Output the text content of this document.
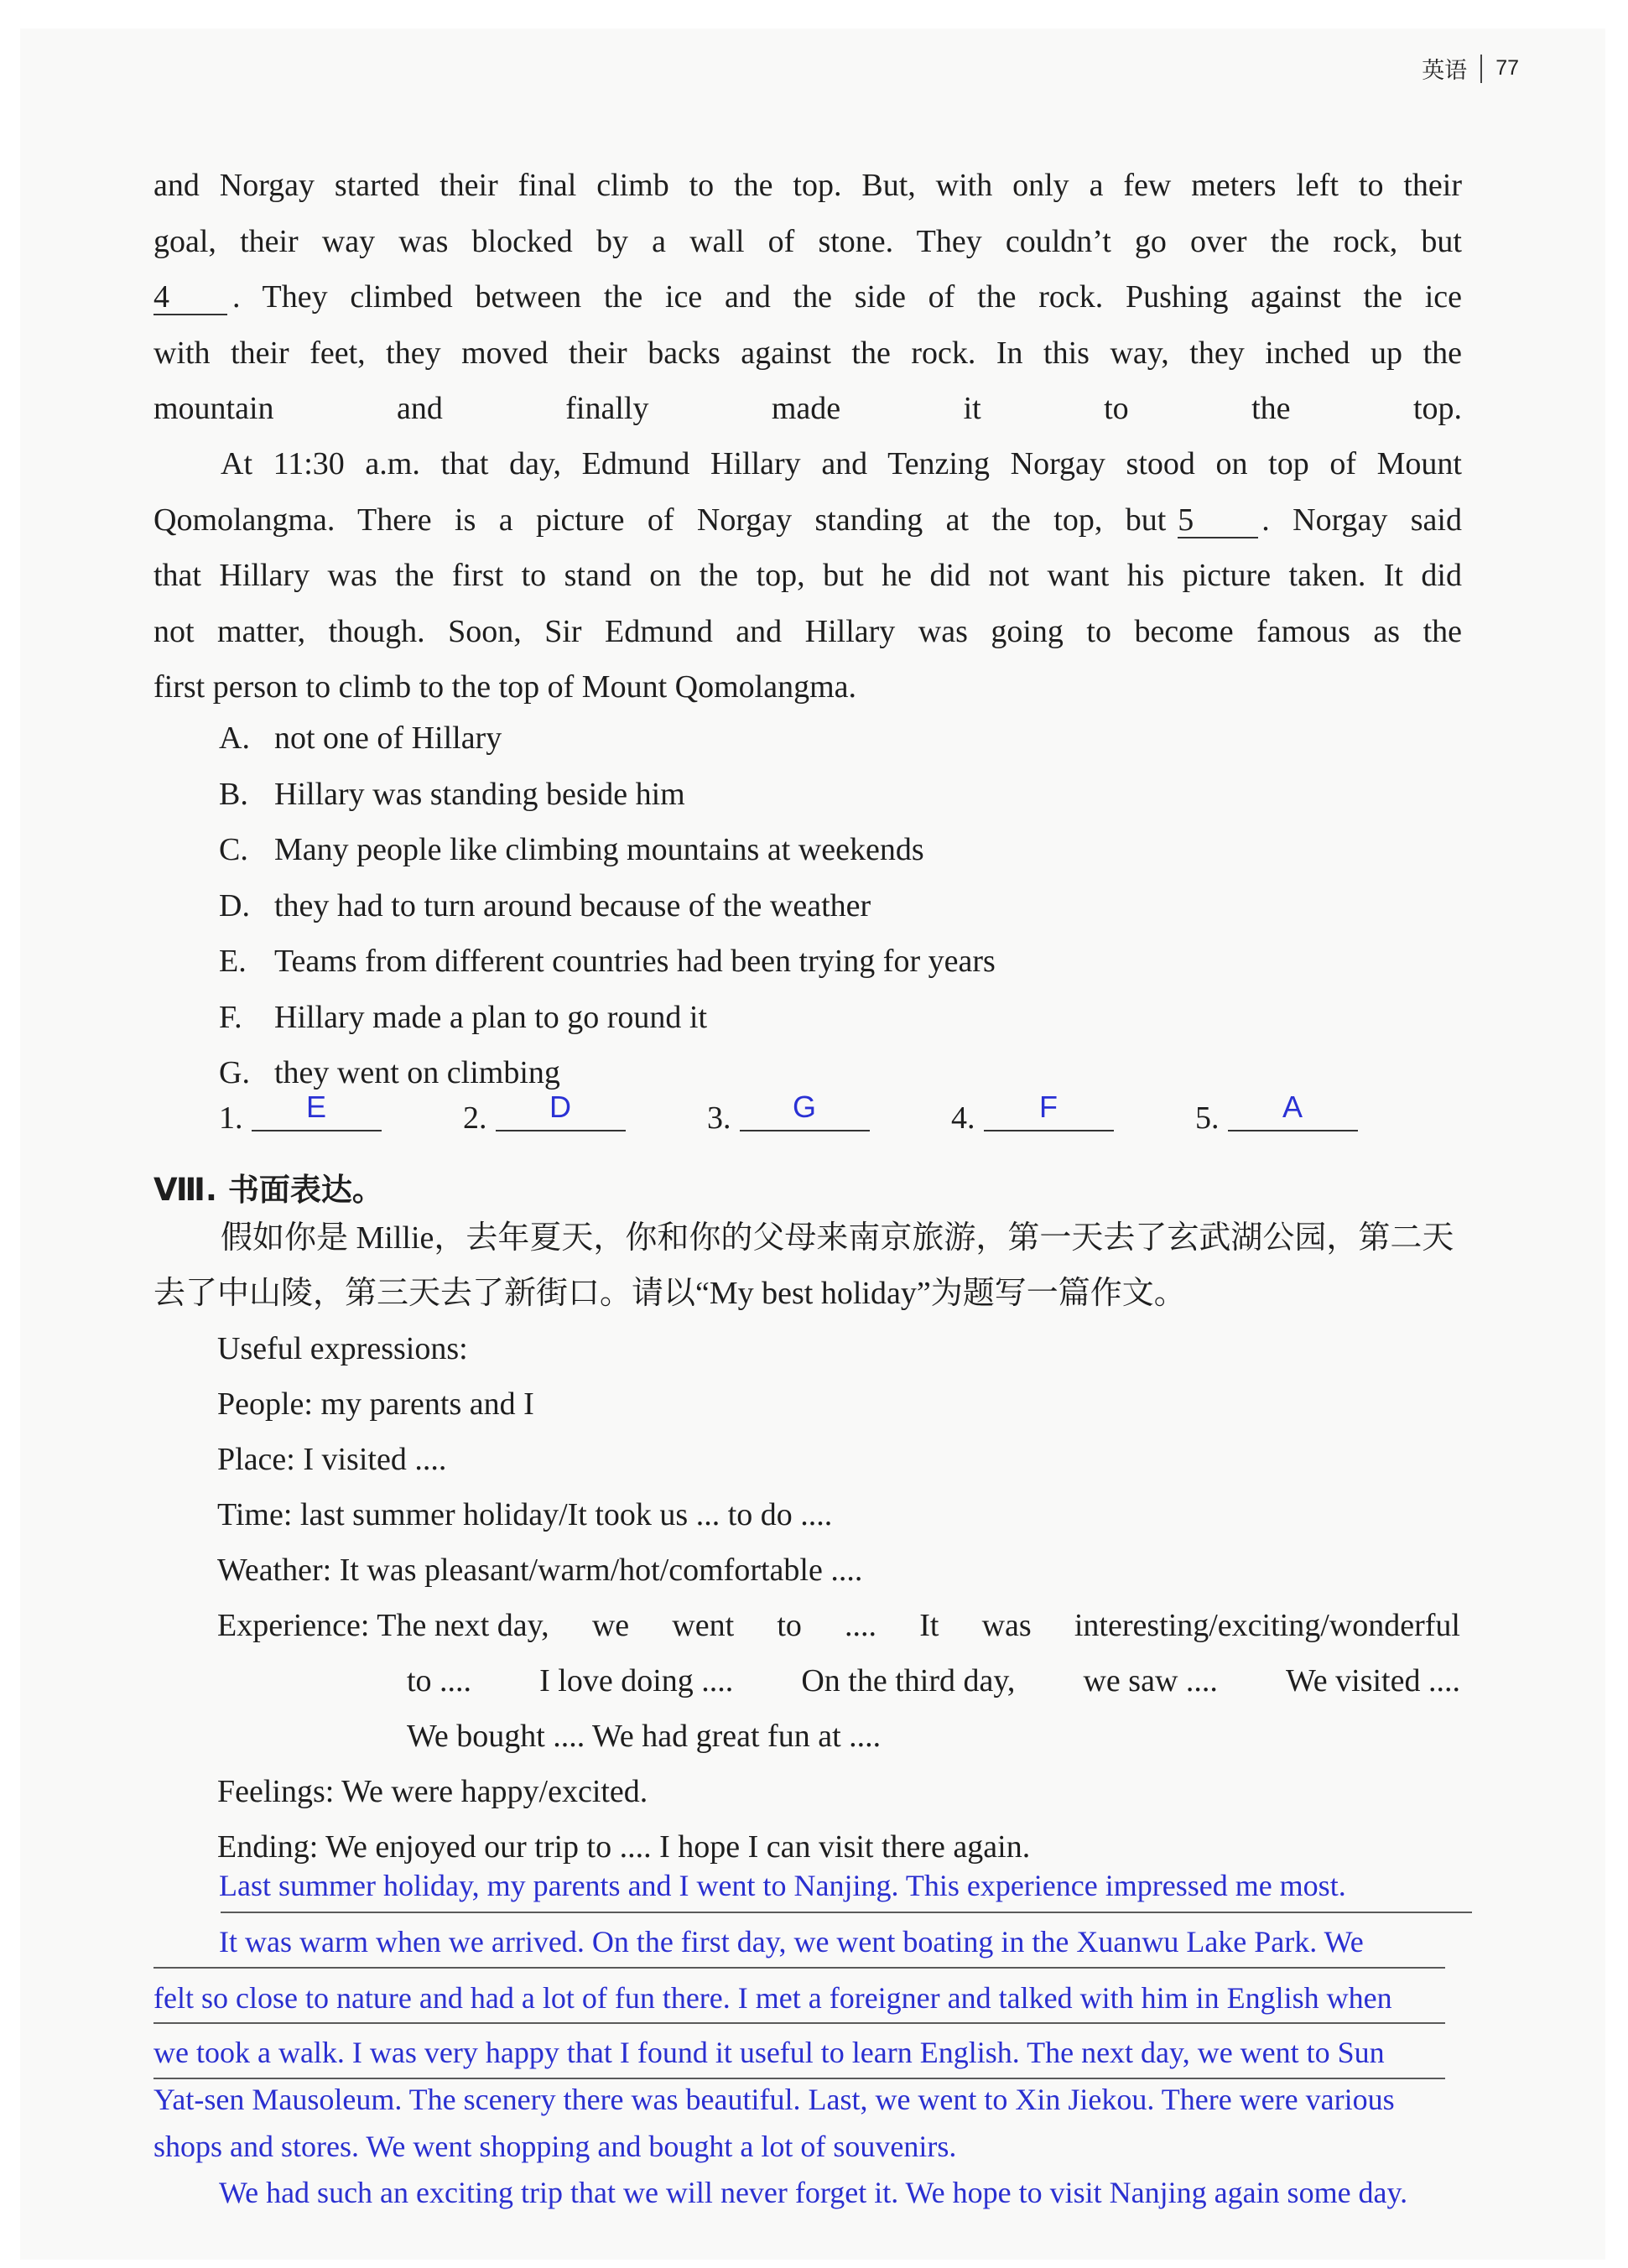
英语 77
and Norgay started their final climb to the top. But, with only a few meters left to their
goal, their way was blocked by a wall of stone. They couldn’t go over the rock, but
4 . They climbed between the ice and the side of the rock. Pushing against the ice
with their feet, they moved their backs against the rock. In this way, they inched up the
mountain and finally made it to the top.
At 11:30 a.m. that day, Edmund Hillary and Tenzing Norgay stood on top of Mount
Qomolangma. There is a picture of Norgay standing at the top, but 5 . Norgay said
that Hillary was the first to stand on the top, but he did not want his picture taken. It did
not matter, though. Soon, Sir Edmund and Hillary was going to become famous as the
first person to climb to the top of Mount Qomolangma.
A. not one of Hillary
B. Hillary was standing beside him
C. Many people like climbing mountains at weekends
D. they had to turn around because of the weather
E. Teams from different countries had been trying for years
F. Hillary made a plan to go round it
G. they went on climbing
1.	E	2.	D	3.	G	4.	F	5.	A
Ⅷ. 书面表达。
假如你是 Millie，去年夏天，你和你的父母来南京旅游，第一天去了玄武湖公园，第二天
去了中山陵，第三天去了新街口。请以“My best holiday”为题写一篇作文。
Useful expressions:
People: my parents and I
Place: I visited ....
Time: last summer holiday/It took us ... to do ....
Weather: It was pleasant/warm/hot/comfortable ....
Experience: The next day, we went to .... It was interesting/exciting/wonderful
to .... I love doing .... On the third day, we saw .... We visited ....
We bought .... We had great fun at ....
Feelings: We were happy/excited.
Ending: We enjoyed our trip to .... I hope I can visit there again.
Last summer holiday, my parents and I went to Nanjing. This experience impressed me most.
It was warm when we arrived. On the first day, we went boating in the Xuanwu Lake Park. We
felt so close to nature and had a lot of fun there. I met a foreigner and talked with him in English when
we took a walk. I was very happy that I found it useful to learn English. The next day, we went to Sun
Yat-sen Mausoleum. The scenery there was beautiful. Last, we went to Xin Jiekou. There were various
shops and stores. We went shopping and bought a lot of souvenirs.
We had such an exciting trip that we will never forget it. We hope to visit Nanjing again some day.
